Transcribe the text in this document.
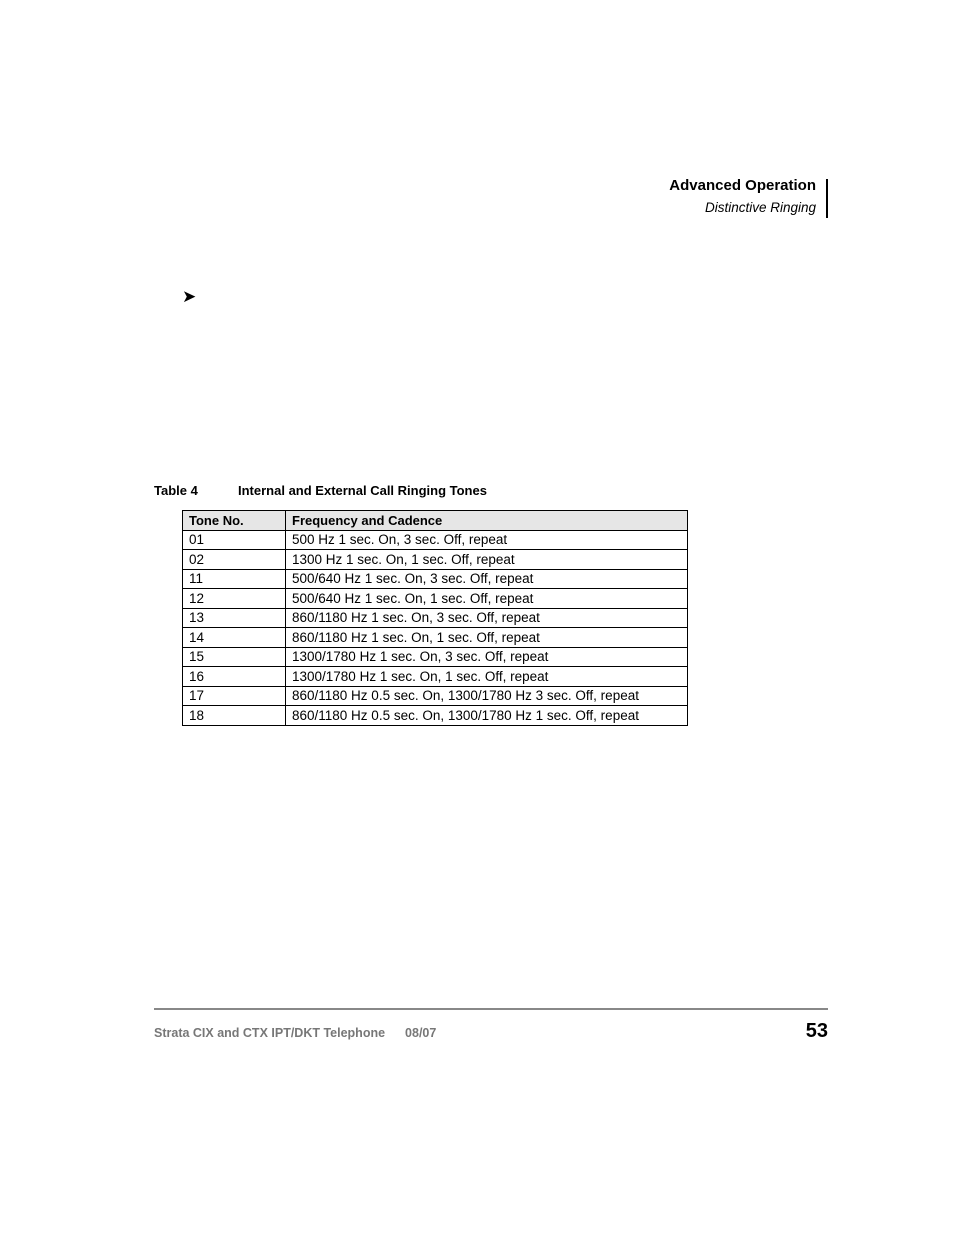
Advanced Operation
Distinctive Ringing
➤
Table 4	Internal and External Call Ringing Tones
Tone No.	Frequency and Cadence
01	500 Hz 1 sec. On, 3 sec. Off, repeat
02	1300 Hz 1 sec. On, 1 sec. Off, repeat
11	500/640 Hz 1 sec. On, 3 sec. Off, repeat
12	500/640 Hz 1 sec. On, 1 sec. Off, repeat
13	860/1180 Hz 1 sec. On, 3 sec. Off, repeat
14	860/1180 Hz 1 sec. On, 1 sec. Off, repeat
15	1300/1780 Hz 1 sec. On, 3 sec. Off, repeat
16	1300/1780 Hz 1 sec. On, 1 sec. Off, repeat
17	860/1180 Hz 0.5 sec. On, 1300/1780 Hz 3 sec. Off, repeat
18	860/1180 Hz 0.5 sec. On, 1300/1780 Hz 1 sec. Off, repeat
Strata CIX and CTX IPT/DKT Telephone 08/07	53
